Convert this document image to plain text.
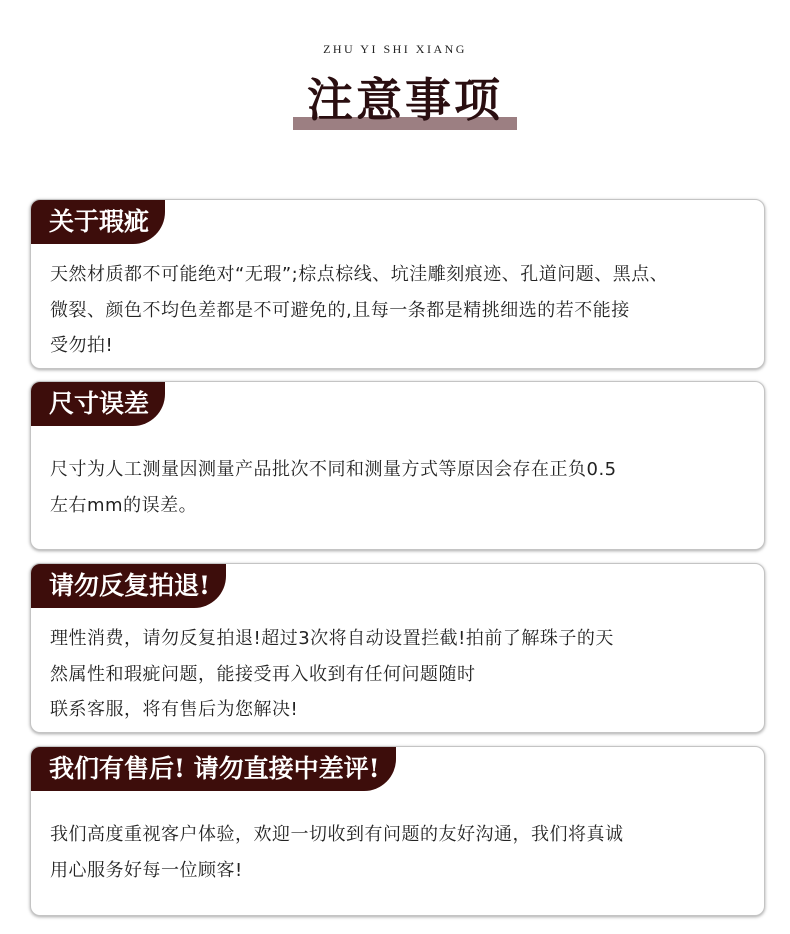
ZHU YI SHI XIANG
注意事项
关于瑕疵
天然材质都不可能绝对“无瑕”;棕点棕线、坑洼雕刻痕迹、孔道问题、黑点、
微裂、颜色不均色差都是不可避免的,且每一条都是精挑细选的若不能接
受勿拍!
尺寸误差
尺寸为人工测量因测量产品批次不同和测量方式等原因会存在正负0.5
左右mm的误差。
请勿反复拍退!
理性消费，请勿反复拍退!超过3次将自动设置拦截!拍前了解珠子的天
然属性和瑕疵问题，能接受再入收到有任何问题随时
联系客服，将有售后为您解决!
我们有售后! 请勿直接中差评!
我们高度重视客户体验，欢迎一切收到有问题的友好沟通，我们将真诚
用心服务好每一位顾客!
